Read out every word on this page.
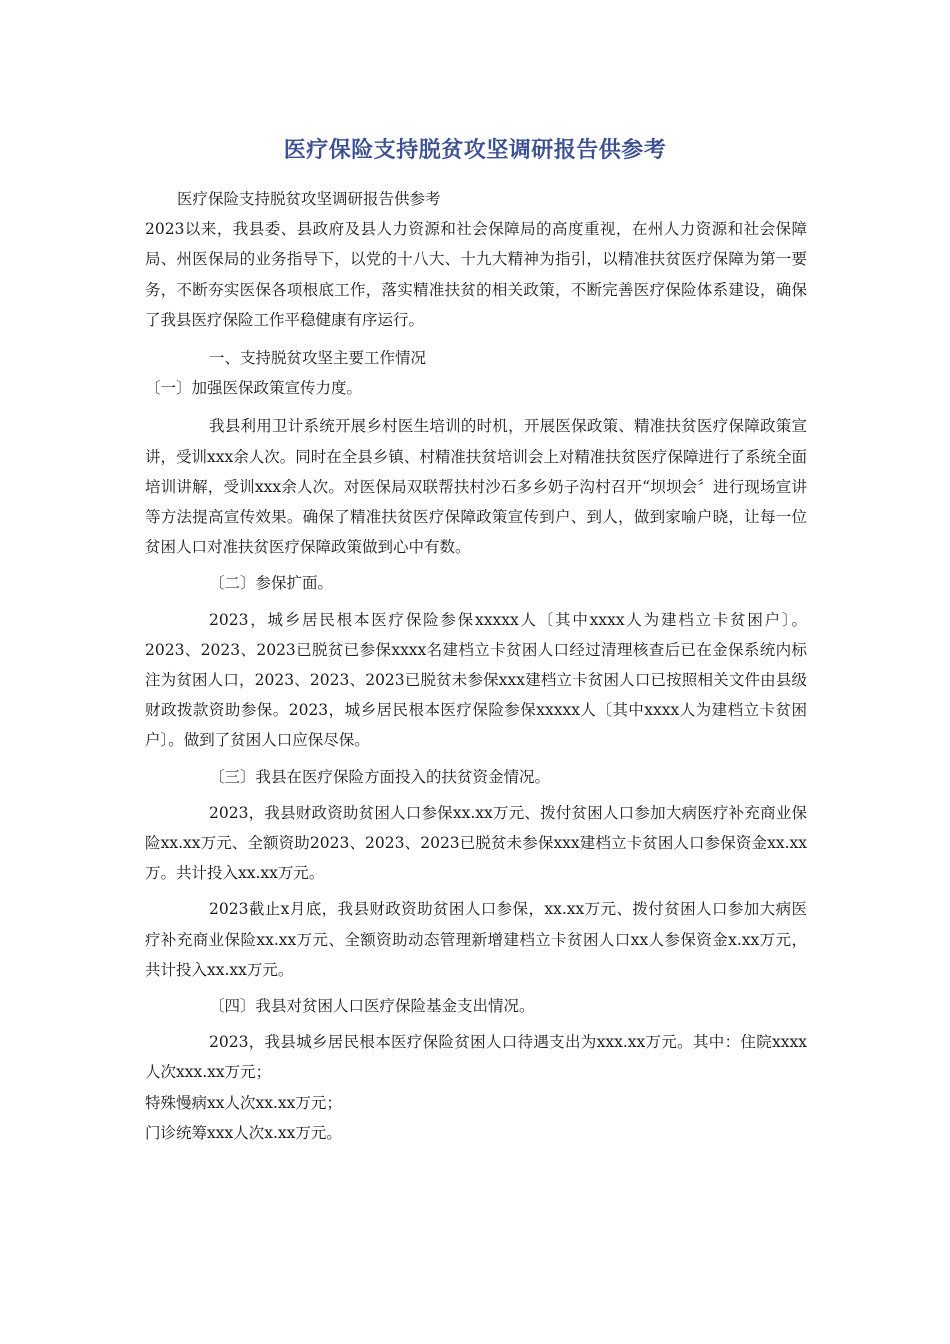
医疗保险支持脱贫攻坚调研报告供参考

医疗保险支持脱贫攻坚调研报告供参考

2023以来，我县委、县政府及县人力资源和社会保障局的高度重视，在州人力资源和社会保障局、州医保局的业务指导下，以党的十八大、十九大精神为指引，以精准扶贫医疗保障为第一要务，不断夯实医保各项根底工作，落实精准扶贫的相关政策，不断完善医疗保险体系建设，确保了我县医疗保险工作平稳健康有序运行。

一、支持脱贫攻坚主要工作情况

〔一〕加强医保政策宣传力度。

我县利用卫计系统开展乡村医生培训的时机，开展医保政策、精准扶贫医疗保障政策宣讲，受训xxx余人次。同时在全县乡镇、村精准扶贫培训会上对精准扶贫医疗保障进行了系统全面培训讲解，受训xxx余人次。对医保局双联帮扶村沙石多乡奶子沟村召开“坝坝会〞进行现场宣讲等方法提高宣传效果。确保了精准扶贫医疗保障政策宣传到户、到人，做到家喻户晓，让每一位贫困人口对准扶贫医疗保障政策做到心中有数。

〔二〕参保扩面。

2023，城乡居民根本医疗保险参保xxxxx人〔其中xxxx人为建档立卡贫困户〕。2023、2023、2023已脱贫已参保xxxx名建档立卡贫困人口经过清理核查后已在金保系统内标注为贫困人口，2023、2023、2023已脱贫未参保xxx建档立卡贫困人口已按照相关文件由县级财政拨款资助参保。2023，城乡居民根本医疗保险参保xxxxx人〔其中xxxx人为建档立卡贫困户〕。做到了贫困人口应保尽保。

〔三〕我县在医疗保险方面投入的扶贫资金情况。

2023，我县财政资助贫困人口参保xx.xx万元、拨付贫困人口参加大病医疗补充商业保险xx.xx万元、全额资助2023、2023、2023已脱贫未参保xxx建档立卡贫困人口参保资金xx.xx万。共计投入xx.xx万元。

2023截止x月底，我县财政资助贫困人口参保，xx.xx万元、拨付贫困人口参加大病医疗补充商业保险xx.xx万元、全额资助动态管理新增建档立卡贫困人口xx人参保资金x.xx万元，共计投入xx.xx万元。

〔四〕我县对贫困人口医疗保险基金支出情况。

2023，我县城乡居民根本医疗保险贫困人口待遇支出为xxx.xx万元。其中：住院xxxx人次xxx.xx万元；

特殊慢病xx人次xx.xx万元；

门诊统筹xxx人次x.xx万元。
